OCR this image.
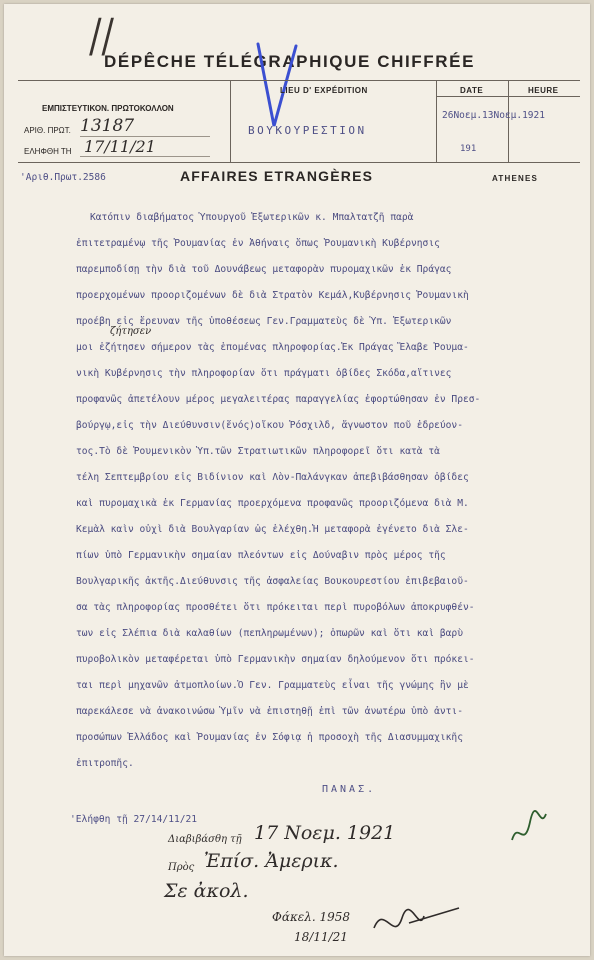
//
DÉPÊCHE TÉLÉGRAPHIQUE CHIFFRÉE
ΕΜΠΙΣΤΕΥΤΙΚΟΝ. ΠΡΩΤΟΚΟΛΛΟΝ
ΑΡΙΘ. ΠΡΩΤ. 13187
ΕΛΗΦΘΗ ΤΗ 17/11/21
LIEU D' EXPÉDITION	DATE	HEURE
ΒΟΥΚΟΥΡΕΣΤΙΟΝ
26Νοεμ.13Νοεμ.1921
191
'Αριθ.Πρωτ.2586	AFFAIRES ETRANGÈRES	ATHENES
Κατόπιν διαβήματος Ὑπουργοῦ Ἐξωτερικῶν κ. Μπαλτατζῆ παρὰ
ἐπιτετραμένῳ τῆς Ῥουμανίας ἐν Ἀθήναις ὅπως Ῥουμανικὴ Κυβέρνησις
παρεμποδίσῃ τὴν διὰ τοῦ Δουνάβεως μεταφορὰν πυρομαχικῶν ἐκ Πράγας
προερχομένων προοριζομένων δὲ διὰ Στρατὸν Κεμάλ,Κυβέρνησις Ῥουμανικὴ
προέβη εἰς ἔρευναν τῆς ὑποθέσεως Γεν.Γραμματεὺς δὲ Ὑπ. Ἐξωτερικῶν
ζήτησεν
μοι ἐζήτησεν σήμερον τὰς ἑπομένας πληροφορίας.Ἐκ Πράγας Ἔλαβε Ῥουμα-
νικὴ Κυβέρνησις τὴν πληροφορίαν ὅτι πράγματι ὀβίδες Σκόδα,αἵτινες
προφανῶς ἀπετέλουν μέρος μεγαλειτέρας παραγγελίας ἐφορτώθησαν ἐν Πρεσ-
βούργῳ,εἰς τὴν Διεύθυνσιν(ἕνός)οἴκου Ῥόσχιλδ, ἄγνωστον ποῦ ἑδρεύον-
τος.Τὸ δὲ Ῥουμενικὸν Ὑπ.τῶν Στρατιωτικῶν πληροφορεῖ ὅτι κατὰ τὰ
τέλη Σεπτεμβρίου εἰς Βιδίνιον καὶ Λὸν-Παλάνγκαν ἀπεβιβάσθησαν ὀβίδες
καὶ πυρομαχικὰ ἐκ Γερμανίας προερχόμενα προφανῶς προοριζόμενα διὰ Μ.
Κεμὰλ καὶν οὐχὶ διὰ Βουλγαρίαν ὡς ἐλέχθη.Ἡ μεταφορὰ ἐγένετο διὰ Σλε-
πίων ὑπὸ Γερμανικὴν σημαίαν πλεόντων εἰς Δούναβιν πρὸς μέρος τῆς
Βουλγαρικῆς ἀκτῆς.Διεύθυνσις τῆς ἀσφαλείας Βουκουρεστίου ἐπιβεβαιοῦ-
σα τὰς πληροφορίας προσθέτει ὅτι πρόκειται περὶ πυροβόλων ἀποκρυφθέν-
των εἰς Σλέπια διὰ καλαθίων (πεπληρωμένων); ὁπωρῶν καὶ ὅτι καὶ βαρὺ
πυροβολικὸν μεταφέρεται ὑπὸ Γερμανικὴν σημαίαν δηλούμενον ὅτι πρόκει-
ται περὶ μηχανῶν ἀτμοπλοίων.Ὁ Γεν. Γραμματεὺς εἶναι τῆς γνώμης ἣν μὲ
παρεκάλεσε νὰ ἀνακοινώσω Ὑμῖν νὰ ἐπιστηθῇ ἐπὶ τῶν ἀνωτέρω ὑπὸ ἀντι-
προσώπων Ἑλλάδος καὶ Ῥουμανίας ἐν Σόφιᾳ ἡ προσοχὴ τῆς Διασυμμαχικῆς
ἐπιτροπῆς.
ΠΑΝΑΣ.
'Ελήφθη τῇ 27/14/11/21
Διαβιβάσθη τῇ 17 Νοεμ. 1921
Πρὸς Ἐπίσ. Ἀμερικ.
Σε ἀκολ.
Φάκελ. 1958
18/11/21
